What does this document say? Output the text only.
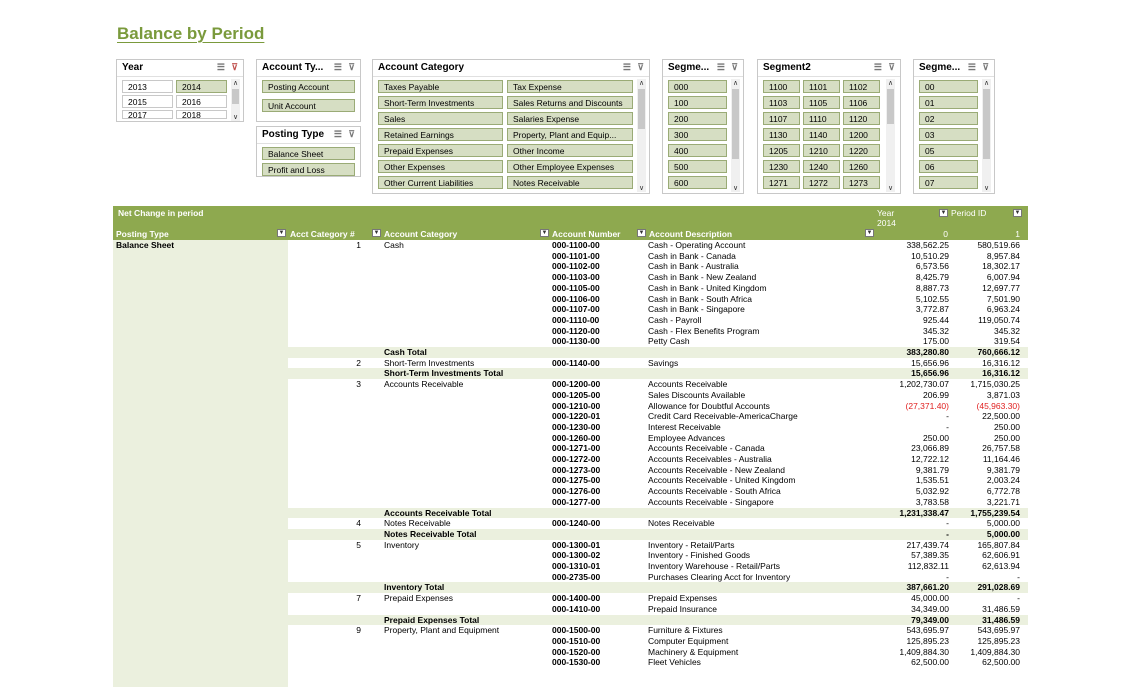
Balance by Period
Year	☰ ⊽
2013	2014
2015	2016
2017	2018
∧
∨
Account Ty... ☰ ⊽
Posting Account
Unit Account
Posting Type ☰ ⊽
Balance Sheet
Profit and Loss
Account Category	☰ ⊽
Taxes Payable	Tax Expense
Short-Term Investments	Sales Returns and Discounts
Sales	Salaries Expense
Retained Earnings	Property, Plant and Equip...
Prepaid Expenses	Other Income
Other Expenses	Other Employee Expenses
Other Current Liabilities	Notes Receivable
∧
∨
Segme... ☰ ⊽
000
100
200
300
400
500
600
∧
∨
Segment2	☰ ⊽
1100	1101	1102
1103	1105	1106
1107	1110	1120
1130	1140	1200
1205	1210	1220
1230	1240	1260
1271	1272	1273
∧
∨
Segme... ☰ ⊽
00
01
02
03
05
06
07
∧
∨
Net Change in period	Year
2014
▼ Period ID	▼
Posting Type	▼ Acct Category #	▼ Account Category	▼ Account Number	▼ Account Description	▼	0	1
Balance Sheet	1	Cash	000-1100-00	Cash - Operating Account	338,562.25	580,519.66
000-1101-00	Cash in Bank - Canada	10,510.29	8,957.84
000-1102-00	Cash in Bank - Australia	6,573.56	18,302.17
000-1103-00	Cash in Bank - New Zealand	8,425.79	6,007.94
000-1105-00	Cash in Bank - United Kingdom	8,887.73	12,697.77
000-1106-00	Cash in Bank - South Africa	5,102.55	7,501.90
000-1107-00	Cash in Bank - Singapore	3,772.87	6,963.24
000-1110-00	Cash - Payroll	925.44	119,050.74
000-1120-00	Cash - Flex Benefits Program	345.32	345.32
000-1130-00	Petty Cash	175.00	319.54
Cash Total	383,280.80	760,666.12
2	Short-Term Investments	000-1140-00	Savings	15,656.96	16,316.12
Short-Term Investments Total	15,656.96	16,316.12
3	Accounts Receivable	000-1200-00	Accounts Receivable	1,202,730.07	1,715,030.25
000-1205-00	Sales Discounts Available	206.99	3,871.03
000-1210-00	Allowance for Doubtful Accounts	(27,371.40)	(45,963.30)
000-1220-01	Credit Card Receivable-AmericaCharge	-	22,500.00
000-1230-00	Interest Receivable	-	250.00
000-1260-00	Employee Advances	250.00	250.00
000-1271-00	Accounts Receivable - Canada	23,066.89	26,757.58
000-1272-00	Accounts Receivables - Australia	12,722.12	11,164.46
000-1273-00	Accounts Receivable - New Zealand	9,381.79	9,381.79
000-1275-00	Accounts Receivable - United Kingdom	1,535.51	2,003.24
000-1276-00	Accounts Receivable - South Africa	5,032.92	6,772.78
000-1277-00	Accounts Receivable - Singapore	3,783.58	3,221.71
Accounts Receivable Total	1,231,338.47	1,755,239.54
4	Notes Receivable	000-1240-00	Notes Receivable	-	5,000.00
Notes Receivable Total	-	5,000.00
5	Inventory	000-1300-01	Inventory - Retail/Parts	217,439.74	165,807.84
000-1300-02	Inventory - Finished Goods	57,389.35	62,606.91
000-1310-01	Inventory Warehouse - Retail/Parts	112,832.11	62,613.94
000-2735-00	Purchases Clearing Acct for Inventory	-	-
Inventory Total	387,661.20	291,028.69
7	Prepaid Expenses	000-1400-00	Prepaid Expenses	45,000.00	-
000-1410-00	Prepaid Insurance	34,349.00	31,486.59
Prepaid Expenses Total	79,349.00	31,486.59
9	Property, Plant and Equipment	000-1500-00	Furniture & Fixtures	543,695.97	543,695.97
000-1510-00	Computer Equipment	125,895.23	125,895.23
000-1520-00	Machinery & Equipment	1,409,884.30	1,409,884.30
000-1530-00	Fleet Vehicles	62,500.00	62,500.00
